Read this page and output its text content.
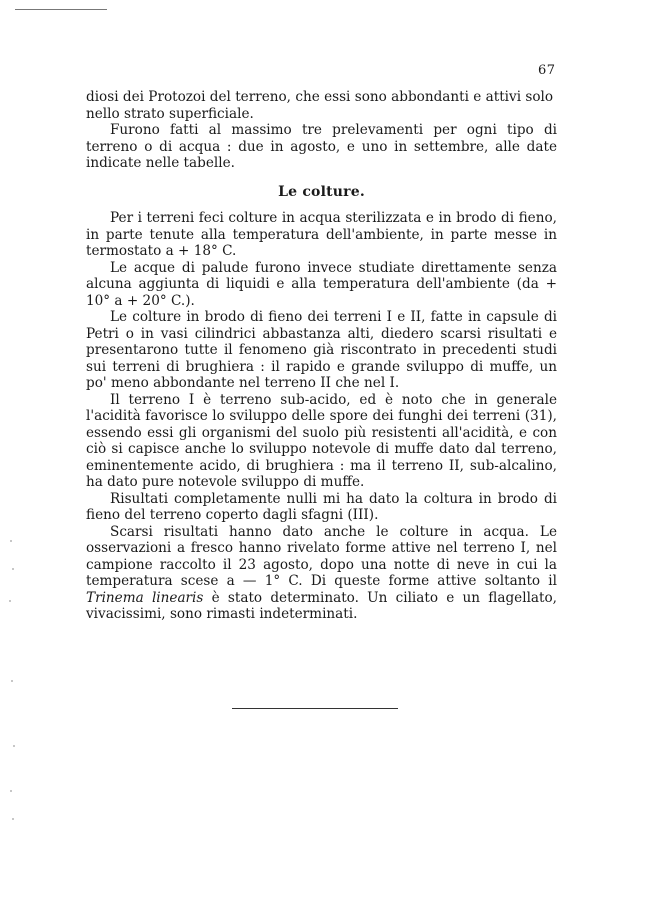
67

diosi dei Protozoi del terreno, che essi sono abbondanti e attivi solo
nello strato superficiale.

Furono fatti al massimo tre prelevamenti per ogni tipo di terreno o di acqua : due in agosto, e uno in settembre, alle date indicate nelle tabelle.

Le colture.

Per i terreni feci colture in acqua sterilizzata e in brodo di fieno, in parte tenute alla temperatura dell'ambiente, in parte messe in termostato a + 18° C.

Le acque di palude furono invece studiate direttamente senza alcuna aggiunta di liquidi e alla temperatura dell'ambiente (da + 10° a + 20° C.).

Le colture in brodo di fieno dei terreni I e II, fatte in capsule di Petri o in vasi cilindrici abbastanza alti, diedero scarsi risultati e presentarono tutte il fenomeno già riscontrato in precedenti studi sui terreni di brughiera : il rapido e grande sviluppo di muffe, un po' meno abbondante nel terreno II che nel I.

Il terreno I è terreno sub-acido, ed è noto che in generale l'acidità favorisce lo sviluppo delle spore dei funghi dei terreni (31), essendo essi gli organismi del suolo più resistenti all'acidità, e con ciò si capisce anche lo sviluppo notevole di muffe dato dal terreno, eminentemente acido, di brughiera : ma il terreno II, sub-alcalino, ha dato pure notevole sviluppo di muffe.

Risultati completamente nulli mi ha dato la coltura in brodo di fieno del terreno coperto dagli sfagni (III).

Scarsi risultati hanno dato anche le colture in acqua. Le osservazioni a fresco hanno rivelato forme attive nel terreno I, nel campione raccolto il 23 agosto, dopo una notte di neve in cui la temperatura scese a — 1° C. Di queste forme attive soltanto il Trinema linearis è stato determinato. Un ciliato e un flagellato, vivacissimi, sono rimasti indeterminati.
